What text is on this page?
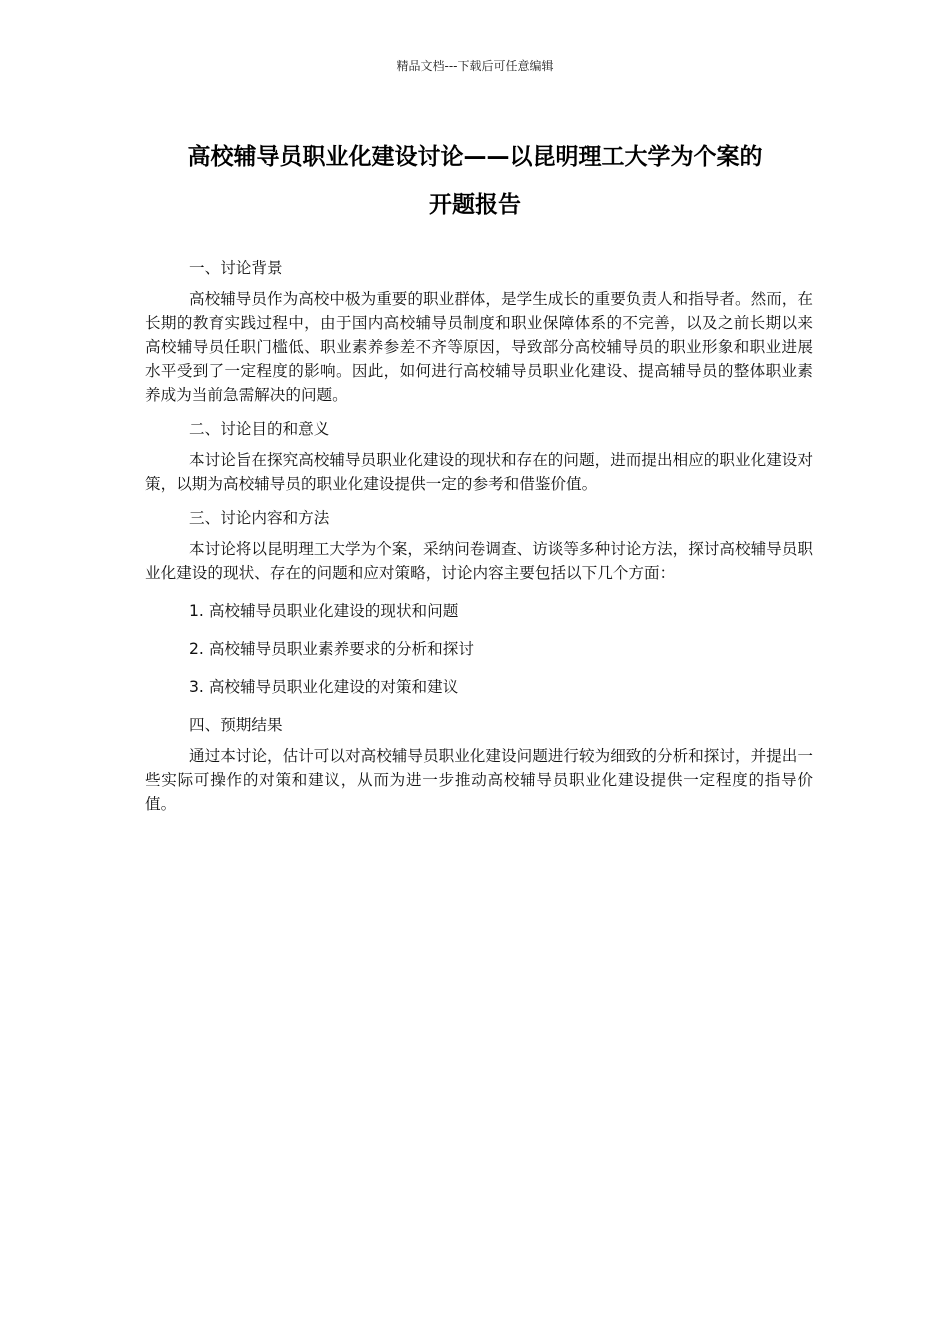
精品文档---下载后可任意编辑
高校辅导员职业化建设讨论——以昆明理工大学为个案的
开题报告

一、讨论背景

高校辅导员作为高校中极为重要的职业群体，是学生成长的重要负责人和指导者。然而，在长期的教育实践过程中，由于国内高校辅导员制度和职业保障体系的不完善，以及之前长期以来高校辅导员任职门槛低、职业素养参差不齐等原因，导致部分高校辅导员的职业形象和职业进展水平受到了一定程度的影响。因此，如何进行高校辅导员职业化建设、提高辅导员的整体职业素养成为当前急需解决的问题。

二、讨论目的和意义

本讨论旨在探究高校辅导员职业化建设的现状和存在的问题，进而提出相应的职业化建设对策，以期为高校辅导员的职业化建设提供一定的参考和借鉴价值。

三、讨论内容和方法

本讨论将以昆明理工大学为个案，采纳问卷调查、访谈等多种讨论方法，探讨高校辅导员职业化建设的现状、存在的问题和应对策略，讨论内容主要包括以下几个方面：

1. 高校辅导员职业化建设的现状和问题

2. 高校辅导员职业素养要求的分析和探讨

3. 高校辅导员职业化建设的对策和建议

四、预期结果

通过本讨论，估计可以对高校辅导员职业化建设问题进行较为细致的分析和探讨，并提出一些实际可操作的对策和建议，从而为进一步推动高校辅导员职业化建设提供一定程度的指导价值。
